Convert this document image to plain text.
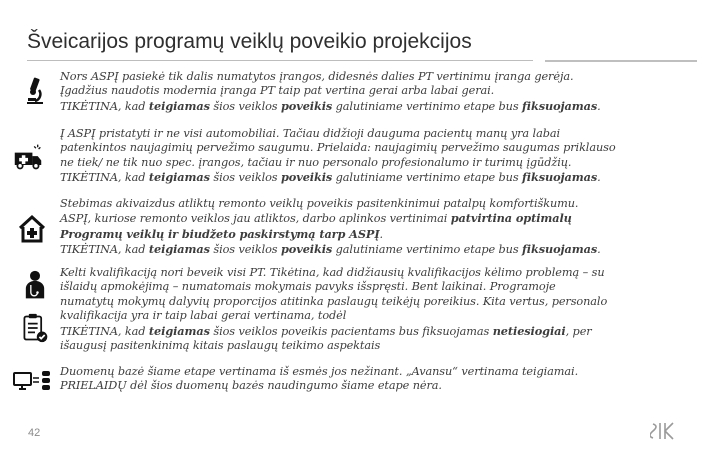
Šveicarijos programų veiklų poveikio projekcijos

Nors ASPĮ pasiekė tik dalis numatytos įrangos, didesnės dalies PT vertinimu įranga gerėja.

Įgadžius naudotis modernia įranga PT taip pat vertina gerai arba labai gerai.

TIKĖTINA, kad teigiamas šios veiklos poveikis galutiniame vertinimo etape bus fiksuojamas.

Į ASPĮ pristatyti ir ne visi automobiliai. Tačiau didžioji dauguma pacientų manų yra labai

patenkintos naujagimių pervežimo saugumu. Prielaida: naujagimių pervežimo saugumas priklauso

ne tiek/ ne tik nuo spec. įrangos, tačiau ir nuo personalo profesionalumo ir turimų įgūdžių.

TIKĖTINA, kad teigiamas šios veiklos poveikis galutiniame vertinimo etape bus fiksuojamas.

Stebimas akivaizdus atliktų remonto veiklų poveikis pasitenkinimui patalpų komfortiškumu.

ASPĮ, kuriose remonto veiklos jau atliktos, darbo aplinkos vertinimai patvirtina optimalų

Programų veiklų ir biudžeto paskirstymą tarp ASPĮ.

TIKĖTINA, kad teigiamas šios veiklos poveikis galutiniame vertinimo etape bus fiksuojamas.

Kelti kvalifikaciją nori beveik visi PT. Tikėtina, kad didžiausių kvalifikacijos kėlimo problemą – su

išlaidų apmokėjimą – numatomais mokymais pavyks išspręsti. Bent laikinai. Programoje

numatytų mokymų dalyvių proporcijos atitinka paslaugų teikėjų poreikius. Kita vertus, personalo

kvalifikacija yra ir taip labai gerai vertinama, todėl

TIKĖTINA, kad teigiamas šios veiklos poveikis pacientams bus fiksuojamas netiesiogiai, per

išaugusį pasitenkinimą kitais paslaugų teikimo aspektais

Duomenų bazė šiame etape vertinama iš esmės jos nežinant. „Avansu“ vertinama teigiamai.

PRIELAIDŲ dėl šios duomenų bazės naudingumo šiame etape nėra.

42
